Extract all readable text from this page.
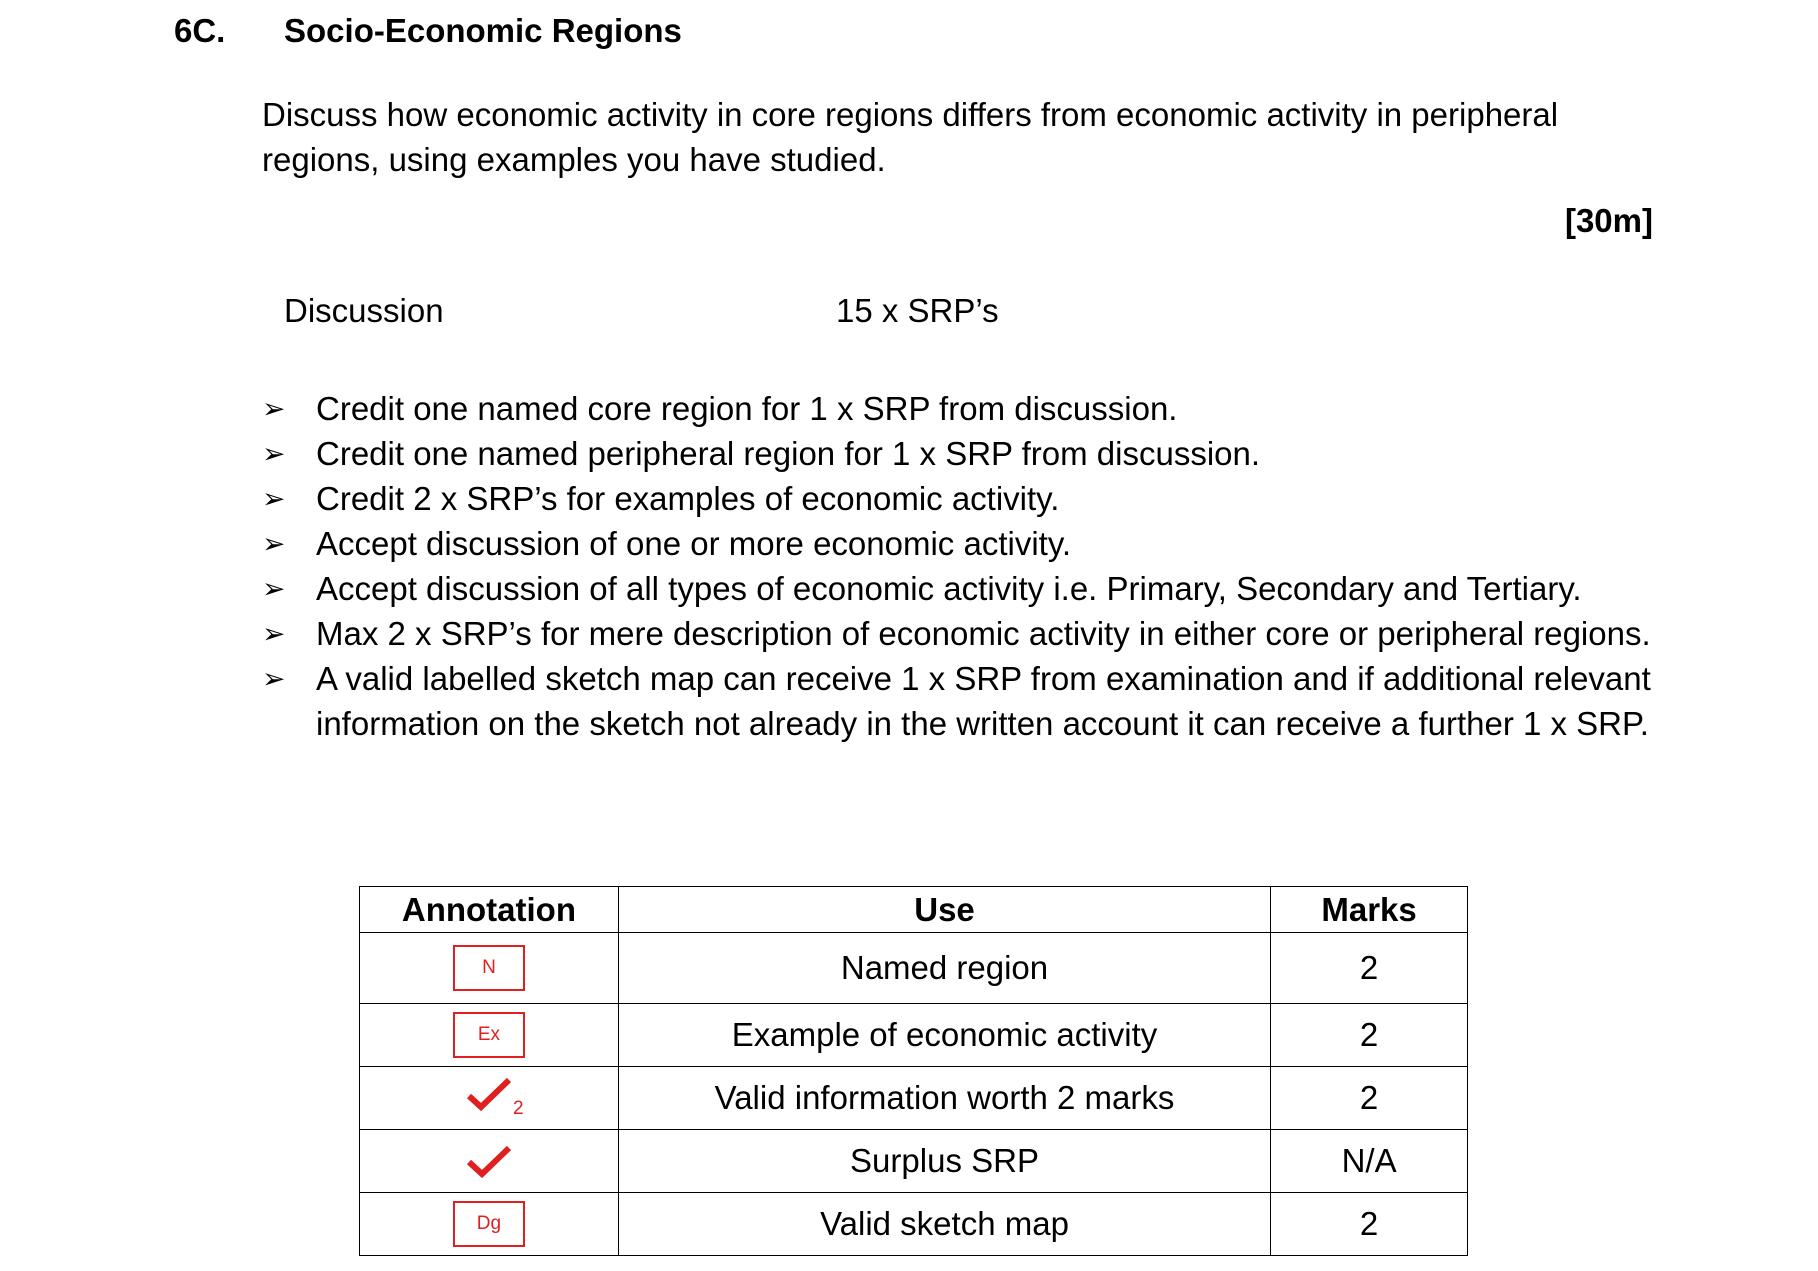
6C. Socio-Economic Regions
Discuss how economic activity in core regions differs from economic activity in peripheral regions, using examples you have studied.
[30m]
Discussion	15 x SRP’s
➢ Credit one named core region for 1 x SRP from discussion.
➢ Credit one named peripheral region for 1 x SRP from discussion.
➢ Credit 2 x SRP’s for examples of economic activity.
➢ Accept discussion of one or more economic activity.
➢ Accept discussion of all types of economic activity i.e. Primary, Secondary and Tertiary.
➢ Max 2 x SRP’s for mere description of economic activity in either core or peripheral regions.
➢ A valid labelled sketch map can receive 1 x SRP from examination and if additional relevant information on the sketch not already in the written account it can receive a further 1 x SRP.
Annotation	Use	Marks
N	Named region	2
Ex	Example of economic activity	2

2	Valid information worth 2 marks	2
	Surplus SRP	N/A
Dg	Valid sketch map	2
